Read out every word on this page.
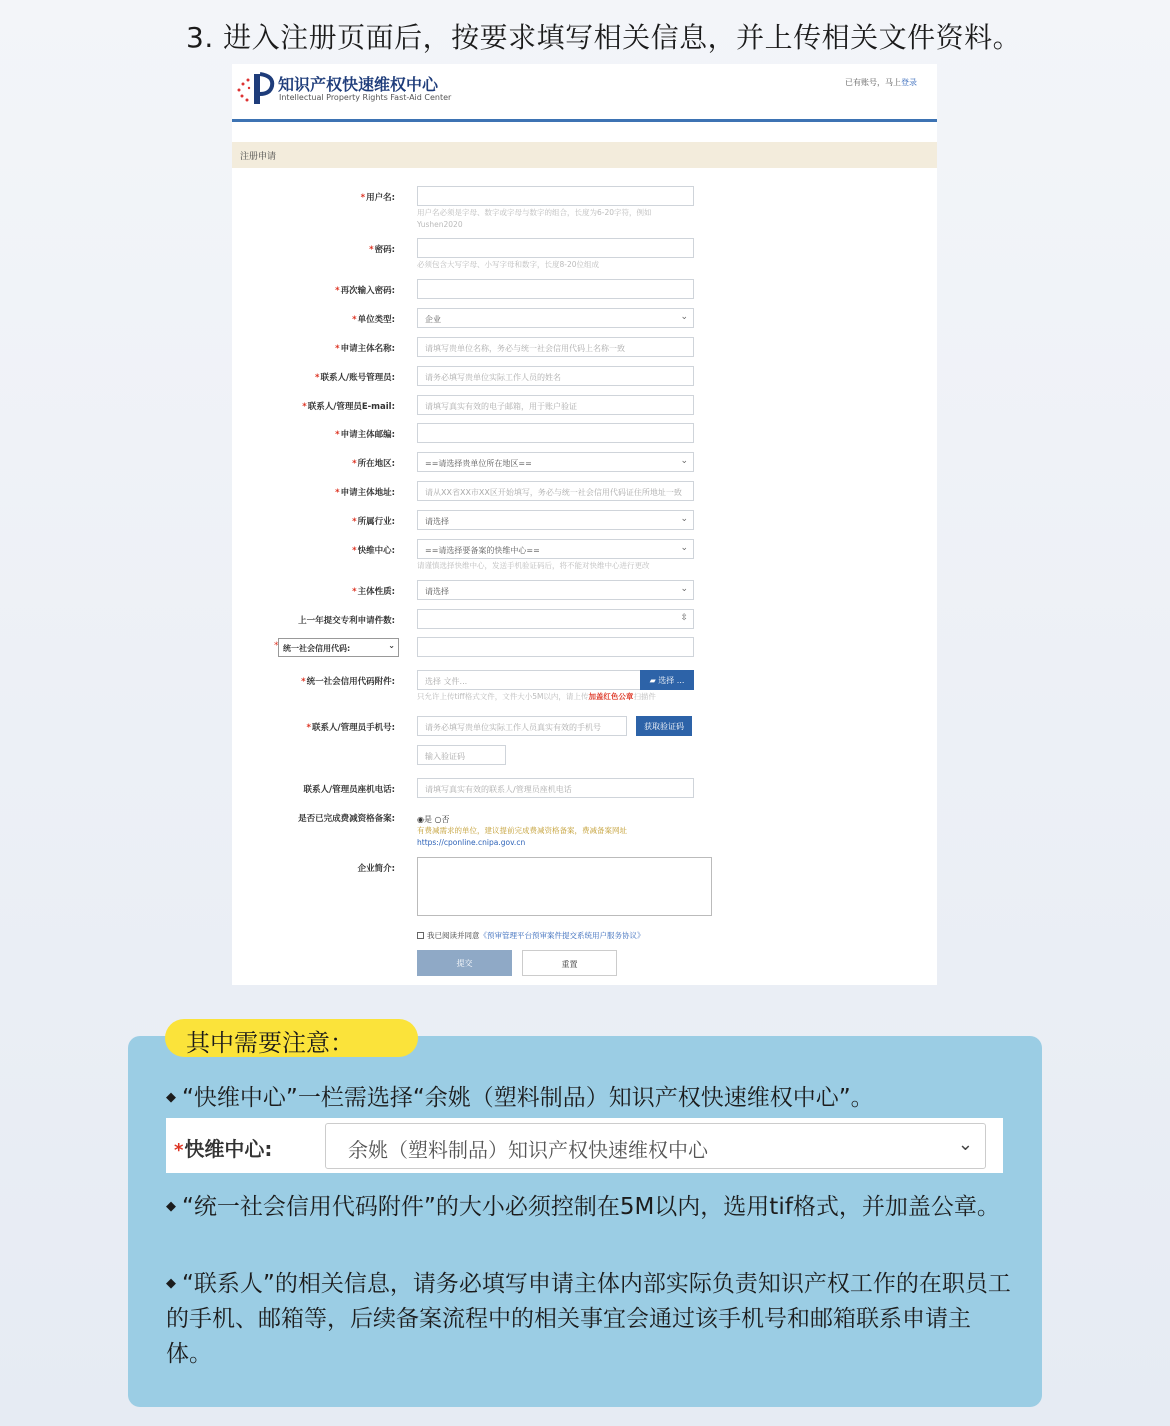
3. 进入注册页面后，按要求填写相关信息，并上传相关文件资料。
知识产权快速维权中心
Intellectual Property Rights Fast-Aid Center
已有账号，马上登录
注册申请
*用户名:
用户名必须是字母、数字或字母与数字的组合，长度为6-20字符，例如Yushen2020
*密码:
必须包含大写字母、小写字母和数字，长度8-20位组成
*再次输入密码:
*单位类型:	企业	⌄
*申请主体名称:	请填写贵单位名称，务必与统一社会信用代码上名称一致
*联系人/账号管理员:	请务必填写贵单位实际工作人员的姓名
*联系人/管理员E-mail:	请填写真实有效的电子邮箱，用于账户验证
*申请主体邮编:
*所在地区:	==请选择贵单位所在地区==	⌄
*申请主体地址:	请从XX省XX市XX区开始填写，务必与统一社会信用代码证住所地址一致
*所属行业:	请选择	⌄
*快维中心:	==请选择要备案的快维中心==	⌄
请谨慎选择快维中心，发送手机验证码后，将不能对快维中心进行更改
*主体性质:	请选择	⌄
上一年提交专利申请件数:	⇳
* 统一社会信用代码:	⌄
*统一社会信用代码附件:	选择 文件...	▰ 选择 ...
只允许上传tiff格式文件，文件大小5M以内，请上传加盖红色公章扫描件
*联系人/管理员手机号:	请务必填写贵单位实际工作人员真实有效的手机号	获取验证码
输入验证码
联系人/管理员座机电话:	请填写真实有效的联系人/管理员座机电话
是否已完成费减资格备案:	◉是 ○否
有费减需求的单位，建议提前完成费减资格备案，费减备案网址https://cponline.cnipa.gov.cn
企业简介:
我已阅读并同意《预审管理平台预审案件提交系统用户服务协议》
提交	重置
其中需要注意：
◆ “快维中心”一栏需选择“余姚（塑料制品）知识产权快速维权中心”。
*快维中心:	余姚（塑料制品）知识产权快速维权中心	⌄
◆ “统一社会信用代码附件”的大小必须控制在5M以内，选用tif格式，并加盖公章。
◆ “联系人”的相关信息，请务必填写申请主体内部实际负责知识产权工作的在职员工的手机、邮箱等，后续备案流程中的相关事宜会通过该手机号和邮箱联系申请主体。
